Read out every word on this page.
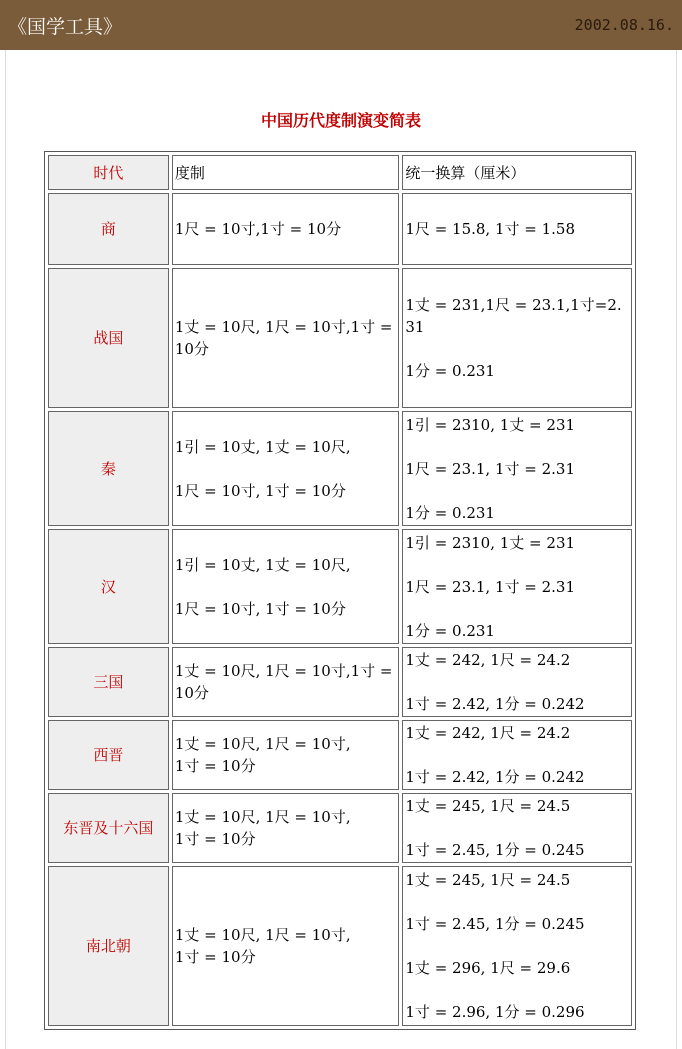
《国学工具》	2002.08.16.
中国历代度制演变简表
时代	度制	统一换算（厘米）
商	1尺 = 10寸,1寸 = 10分	1尺 = 15.8, 1寸 = 1.58

战国	1丈 = 10尺, 1尺 = 10寸,1寸 = 10分	1丈 = 231,1尺 = 23.1,1寸=2.31
1分 = 0.231

秦	1引 = 10丈, 1丈 = 10尺,
1尺 = 10寸, 1寸 = 10分	1引 = 2310, 1丈 = 231
1尺 = 23.1, 1寸 = 2.31
1分 = 0.231

汉	1引 = 10丈, 1丈 = 10尺,
1尺 = 10寸, 1寸 = 10分	1引 = 2310, 1丈 = 231
1尺 = 23.1, 1寸 = 2.31
1分 = 0.231

三国	1丈 = 10尺, 1尺 = 10寸,1寸 = 10分	1丈 = 242, 1尺 = 24.2
1寸 = 2.42, 1分 = 0.242

西晋	1丈 = 10尺, 1尺 = 10寸,
1寸 = 10分	1丈 = 242, 1尺 = 24.2
1寸 = 2.42, 1分 = 0.242

东晋及十六国	1丈 = 10尺, 1尺 = 10寸,
1寸 = 10分	1丈 = 245, 1尺 = 24.5
1寸 = 2.45, 1分 = 0.245

南北朝	1丈 = 10尺, 1尺 = 10寸,
1寸 = 10分	1丈 = 245, 1尺 = 24.5
1寸 = 2.45, 1分 = 0.245
1丈 = 296, 1尺 = 29.6
1寸 = 2.96, 1分 = 0.296
